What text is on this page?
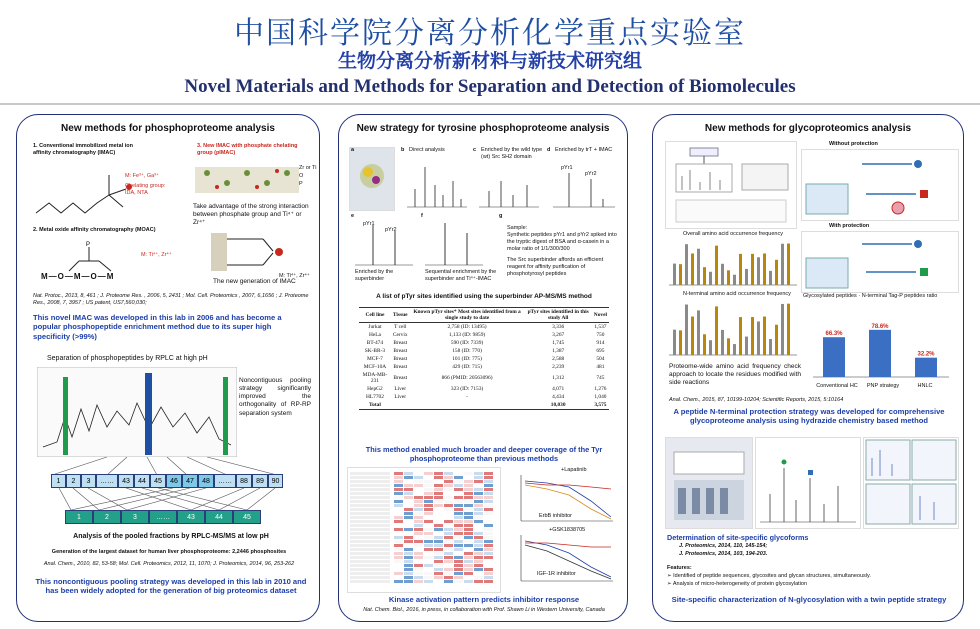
中国科学院分离分析化学重点实验室
生物分离分析新材料与新技术研究组
Novel Materials and Methods for Separation and Detection of Biomolecules
New methods for phosphoproteome analysis
1. Conventional immobilized metal ion affinity chromatography (IMAC)
M: Fe³⁺, Ga³⁺
Chelating group: IDA, NTA
2. Metal oxide affinity chromatography (MOAC)
P
M—O—M—O—M
M: Ti⁴⁺, Zr⁴⁺
3. New IMAC with phosphate chelating group (pIMAC)
Zr or Ti
O
P
Take advantage of the strong interaction between phosphate group and Ti⁴⁺ or Zr⁴⁺
M: Ti⁴⁺, Zr⁴⁺
The new generation of IMAC
Nat. Protoc., 2013, 8, 461 ; J. Proteome Res. , 2006, 5, 2431 ; Mol. Cell. Proteomics , 2007, 6,1656 ; J. Proteome Res., 2008, 7, 3957 ; US patent, US7,560,030;
This novel IMAC was developed in this lab in 2006 and has become a popular phosphopeptide enrichment method due to its super high specificity (>99%)
Separation of phosphopeptides by RPLC at high pH
Noncontiguous pooling strategy significantly improved the orthogonality of RP-RP separation system
1	2	3	……	43	44	45	46	47	48	……	88	89	90
1	2	3	……	43	44	45
Analysis of the pooled fractions by RPLC-MS/MS at low pH
Generation of the largest dataset for human liver phosphoproteome: 2,2446 phosphosites
Anal. Chem., 2010, 82, 53-58; Mol. Cell. Proteomics, 2012, 11, 1070; J. Proteomics, 2014, 96, 253-262
This noncontiguous pooling strategy was developed in this lab in 2010 and has been widely adopted for the generation of big proteomics dataset
New strategy for tyrosine phosphoproteome analysis
a	b Direct analysis	c Enriched by the wild type (wt) Src SH2 domain
d Enriched by trT + IMAC
pYr1
pYr2
e
pYr1
pYr2
Enriched by the superbinder
f
Sequential enrichment by the superbinder and Ti⁴⁺-IMAC
g
Sample:
Synthetic peptides pYr1 and pYr2 spiked into the tryptic digest of BSA and α-casein in a molar ratio of 1/1/300/300
The Src superbinder affords an efficient reagent for affinity purification of phosphotyrosyl peptides
A list of pTyr sites identified using the superbinder AP-MS/MS method
Cell line	Tissue	Known pTyr sites* Most sites identified from a single study to date	pTyr sites identified in this study All	Novel
Jurkat	T cell	2,758 (ID: 13495)	3,336	1,537
HeLa	Cervix	1,133 (ID: 9859)	3,267	750
BT-474	Breast	590 (ID: 7339)	1,745	914
SK-BR-3	Breast	158 (ID: 770)	1,387	695
MCF-7	Breast	101 (ID: 775)	2,588	504
MCF-10A	Breast	429 (ID: 715)	2,239	481
MDA-MB-231	Breast	866 (PMID: 20563096)	1,312	745
HepG2	Liver	323 (ID: 7153)	4,071	1,276
HL7702	Liver	-	4,434	1,040
Total			10,030	3,575
This method enabled much broader and deeper coverage of the Tyr phosphoproteome than previous methods
+Lapatinib
ErbB inhibitor
+GSK1838705
IGF-1R inhibitor
Kinase activation pattern predicts inhibitor response
Nat. Chem. Biol., 2016, in press, in collaboration with Prof. Shawn Li in Western University, Canada
New methods for glycoproteomics analysis
Without protection
With protection
Overall amino acid occurrence frequency
N-terminal amino acid occurrence frequency
Proteome-wide amino acid frequency check approach to locate the residues modified with side reactions
66.3%
78.6%
32.2%
Glycosylated peptides · N-terminal Tag-P peptides ratio
Conventional HC	PNP strategy	HNLC
Anal. Chem., 2015, 87, 10199-10204; Scientific Reports, 2015, 5:10164
A peptide N-terminal protection strategy was developed for comprehensive glycoproteome analysis using hydrazide chemistry based method
Determination of site-specific glycoforms
J. Proteomics, 2014, 110, 145-154;
J. Proteomics, 2014, 103, 194-203.
Features:
➢ Identified of peptide sequences, glycosites and glycan structures, simultaneously.
➢ Analysis of micro-heterogeneity of protein glycosylation
Site-specific characterization of N-glycosylation with a twin peptide strategy
